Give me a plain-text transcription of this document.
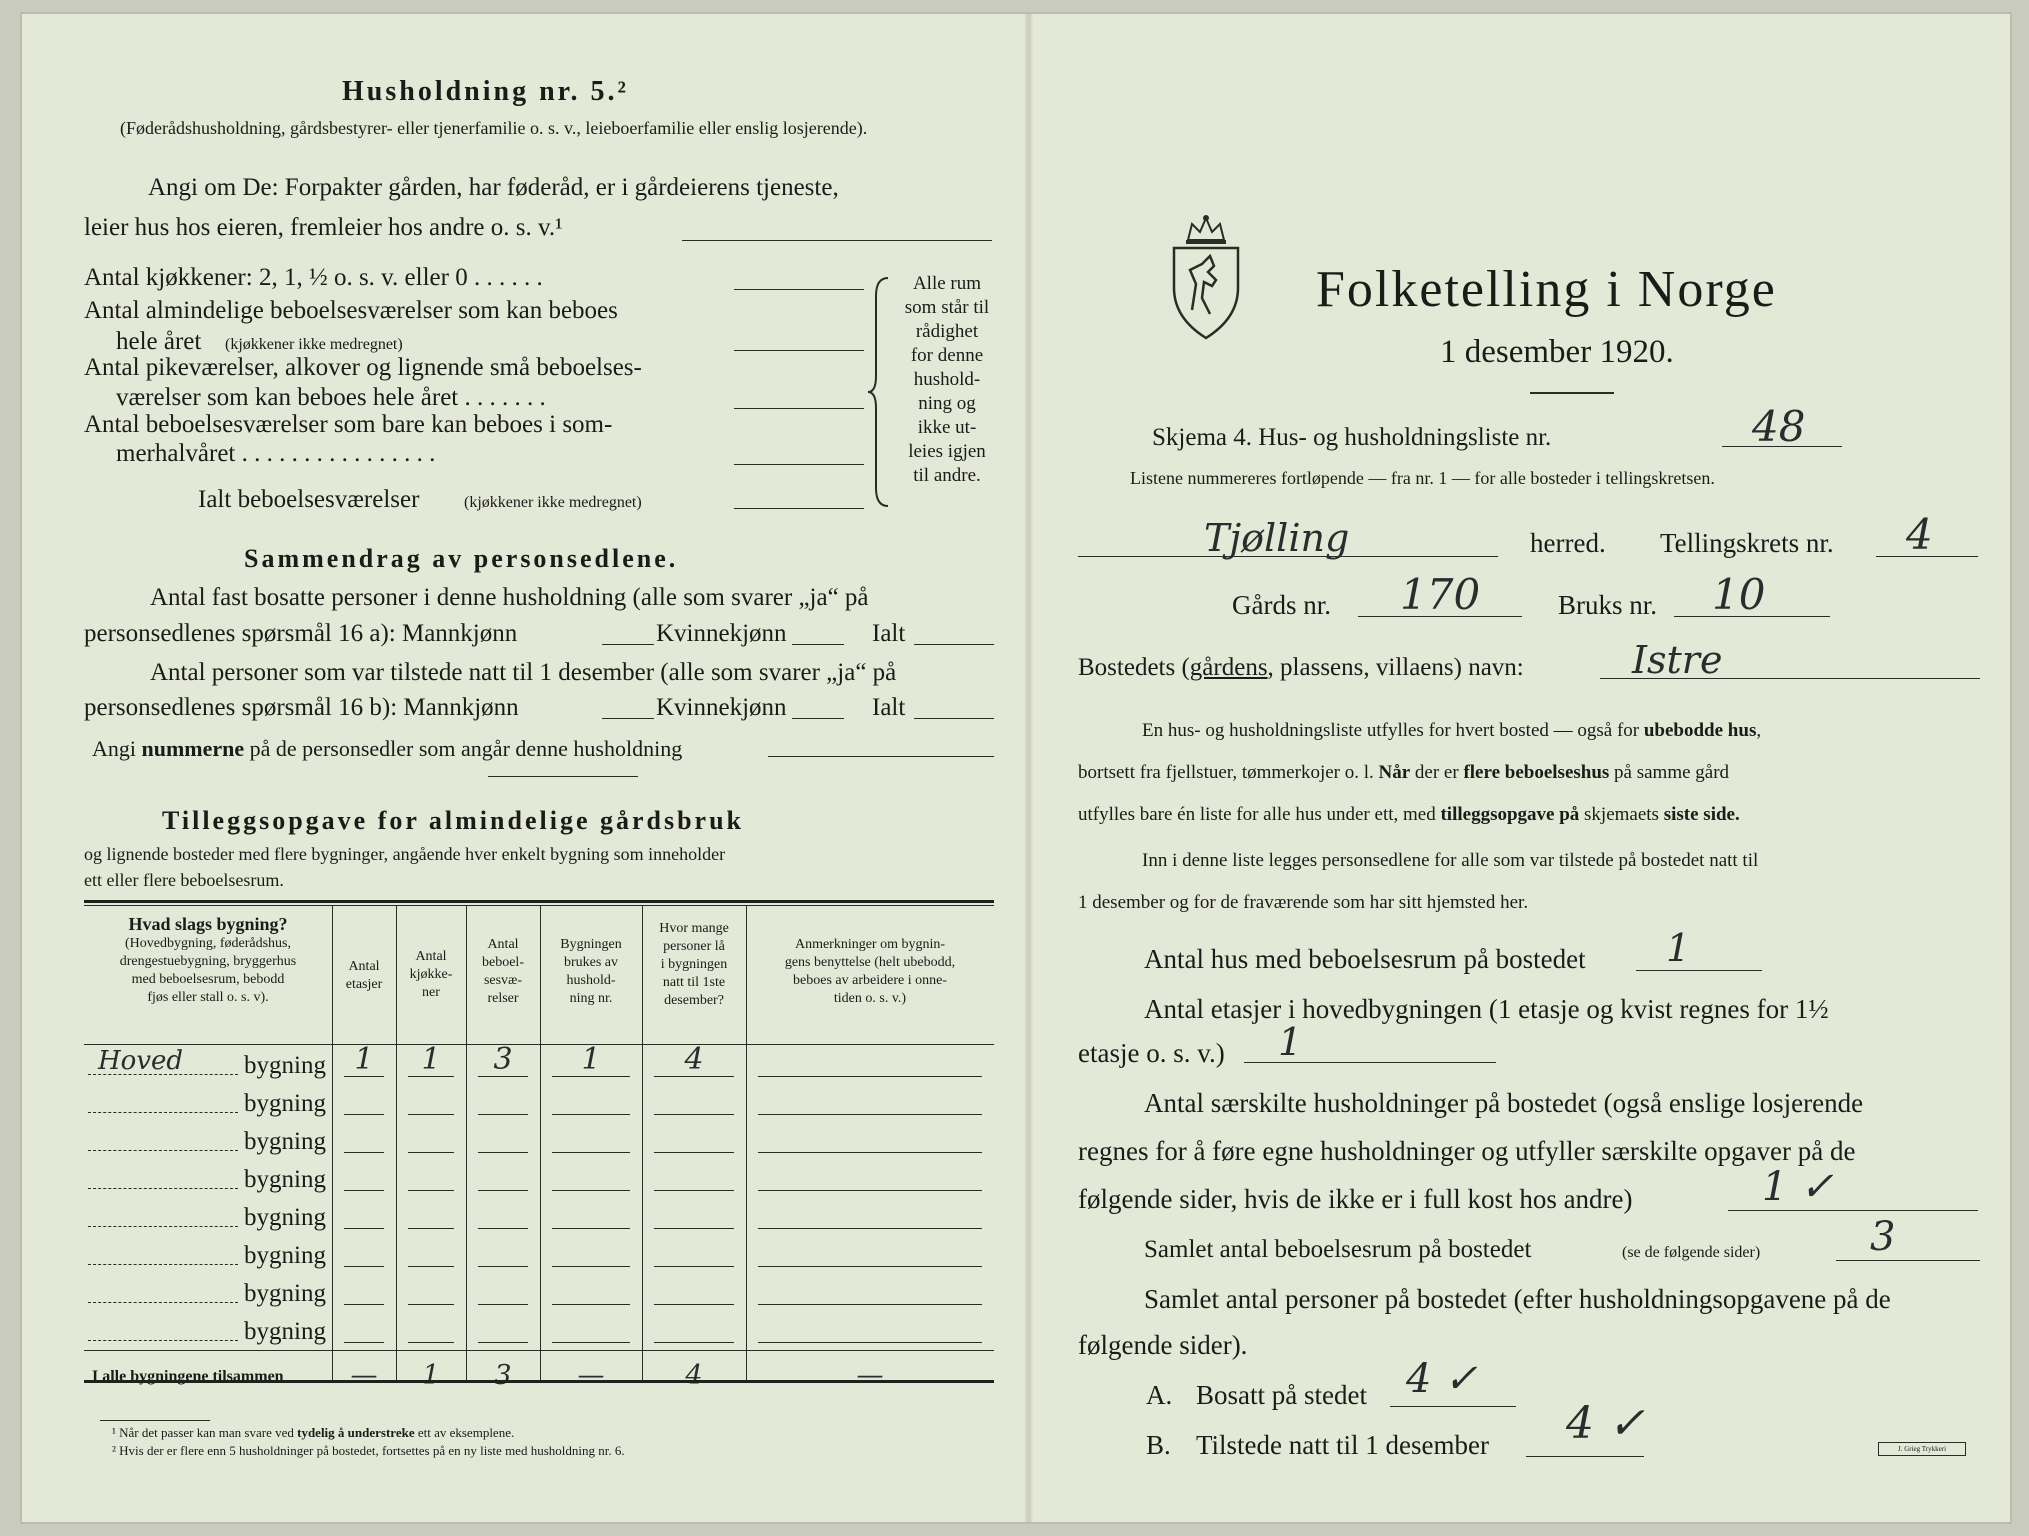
Husholdning nr. 5.²
(Føderådshusholdning, gårdsbestyrer- eller tjenerfamilie o. s. v., leieboerfamilie eller enslig losjerende).
Angi om De: Forpakter gården, har føderåd, er i gårdeierens tjeneste,
leier hus hos eieren, fremleier hos andre o. s. v.¹
Antal kjøkkener: 2, 1, ½ o. s. v. eller 0 . . . . . .
Antal almindelige beboelsesværelser som kan beboes
hele året (kjøkkener ikke medregnet)
Antal pikeværelser, alkover og lignende små beboelses-
værelser som kan beboes hele året . . . . . . .
Antal beboelsesværelser som bare kan beboes i som-
merhalvåret . . . . . . . . . . . . . . . .
Ialt beboelsesværelser	(kjøkkener ikke medregnet)
Alle rum
som står til
rådighet
for denne
hushold-
ning og
ikke ut-
leies igjen
til andre.
Sammendrag av personsedlene.
Antal fast bosatte personer i denne husholdning (alle som svarer „ja“ på
personsedlenes spørsmål 16 a): Mannkjønn	Kvinnekjønn	Ialt
Antal personer som var tilstede natt til 1 desember (alle som svarer „ja“ på
personsedlenes spørsmål 16 b): Mannkjønn	Kvinnekjønn	Ialt
Angi nummerne på de personsedler som angår denne husholdning
Tilleggsopgave for almindelige gårdsbruk
og lignende bosteder med flere bygninger, angående hver enkelt bygning som inneholder
ett eller flere beboelsesrum.
Hvad slags bygning?
(Hovedbygning, føderådshus,
drengestuebygning, bryggerhus
med beboelsesrum, bebodd
fjøs eller stall o. s. v).
Antal
etasjer
Antal
kjøkke-
ner
Antal
beboel-
sesvæ-
relser
Bygningen
brukes av
hushold-
ning nr.
Hvor mange
personer lå
i bygningen
natt til 1ste
desember?
Anmerkninger om bygnin-
gens benyttelse (helt ubebodd,
beboes av arbeidere i onne-
tiden o. s. v.)
Hoved bygning 1	1	3	1	4
bygning
bygning
bygning
bygning
bygning
bygning
bygning
I alle bygningene tilsammen	—	1	3	—	4	—
¹ Når det passer kan man svare ved tydelig å understreke ett av eksemplene.
² Hvis der er flere enn 5 husholdninger på bostedet, fortsettes på en ny liste med husholdning nr. 6.
Folketelling i Norge
1 desember 1920.
Skjema 4. Hus- og husholdningsliste nr.	48
Listene nummereres fortløpende — fra nr. 1 — for alle bosteder i tellingskretsen.
Tjølling	herred. Tellingskrets nr. 4
Gårds nr. 170	Bruks nr. 10
Bostedets (gårdens, plassens, villaens) navn:	Istre
En hus- og husholdningsliste utfylles for hvert bosted — også for ubebodde hus,
bortsett fra fjellstuer, tømmerkojer o. l. Når der er flere beboelseshus på samme gård
utfylles bare én liste for alle hus under ett, med tilleggsopgave på skjemaets siste side.
Inn i denne liste legges personsedlene for alle som var tilstede på bostedet natt til
1 desember og for de fraværende som har sitt hjemsted her.
Antal hus med beboelsesrum på bostedet 1
Antal etasjer i hovedbygningen (1 etasje og kvist regnes for 1½
etasje o. s. v.) 1
Antal særskilte husholdninger på bostedet (også enslige losjerende
regnes for å føre egne husholdninger og utfyller særskilte opgaver på de
følgende sider, hvis de ikke er i full kost hos andre)	1 ✓
Samlet antal beboelsesrum på bostedet	(se de følgende sider)	3
Samlet antal personer på bostedet (efter husholdningsopgavene på de
følgende sider).
A. Bosatt på stedet 4 ✓
B. Tilstede natt til 1 desember 4 ✓	J. Grieg Trykkeri
